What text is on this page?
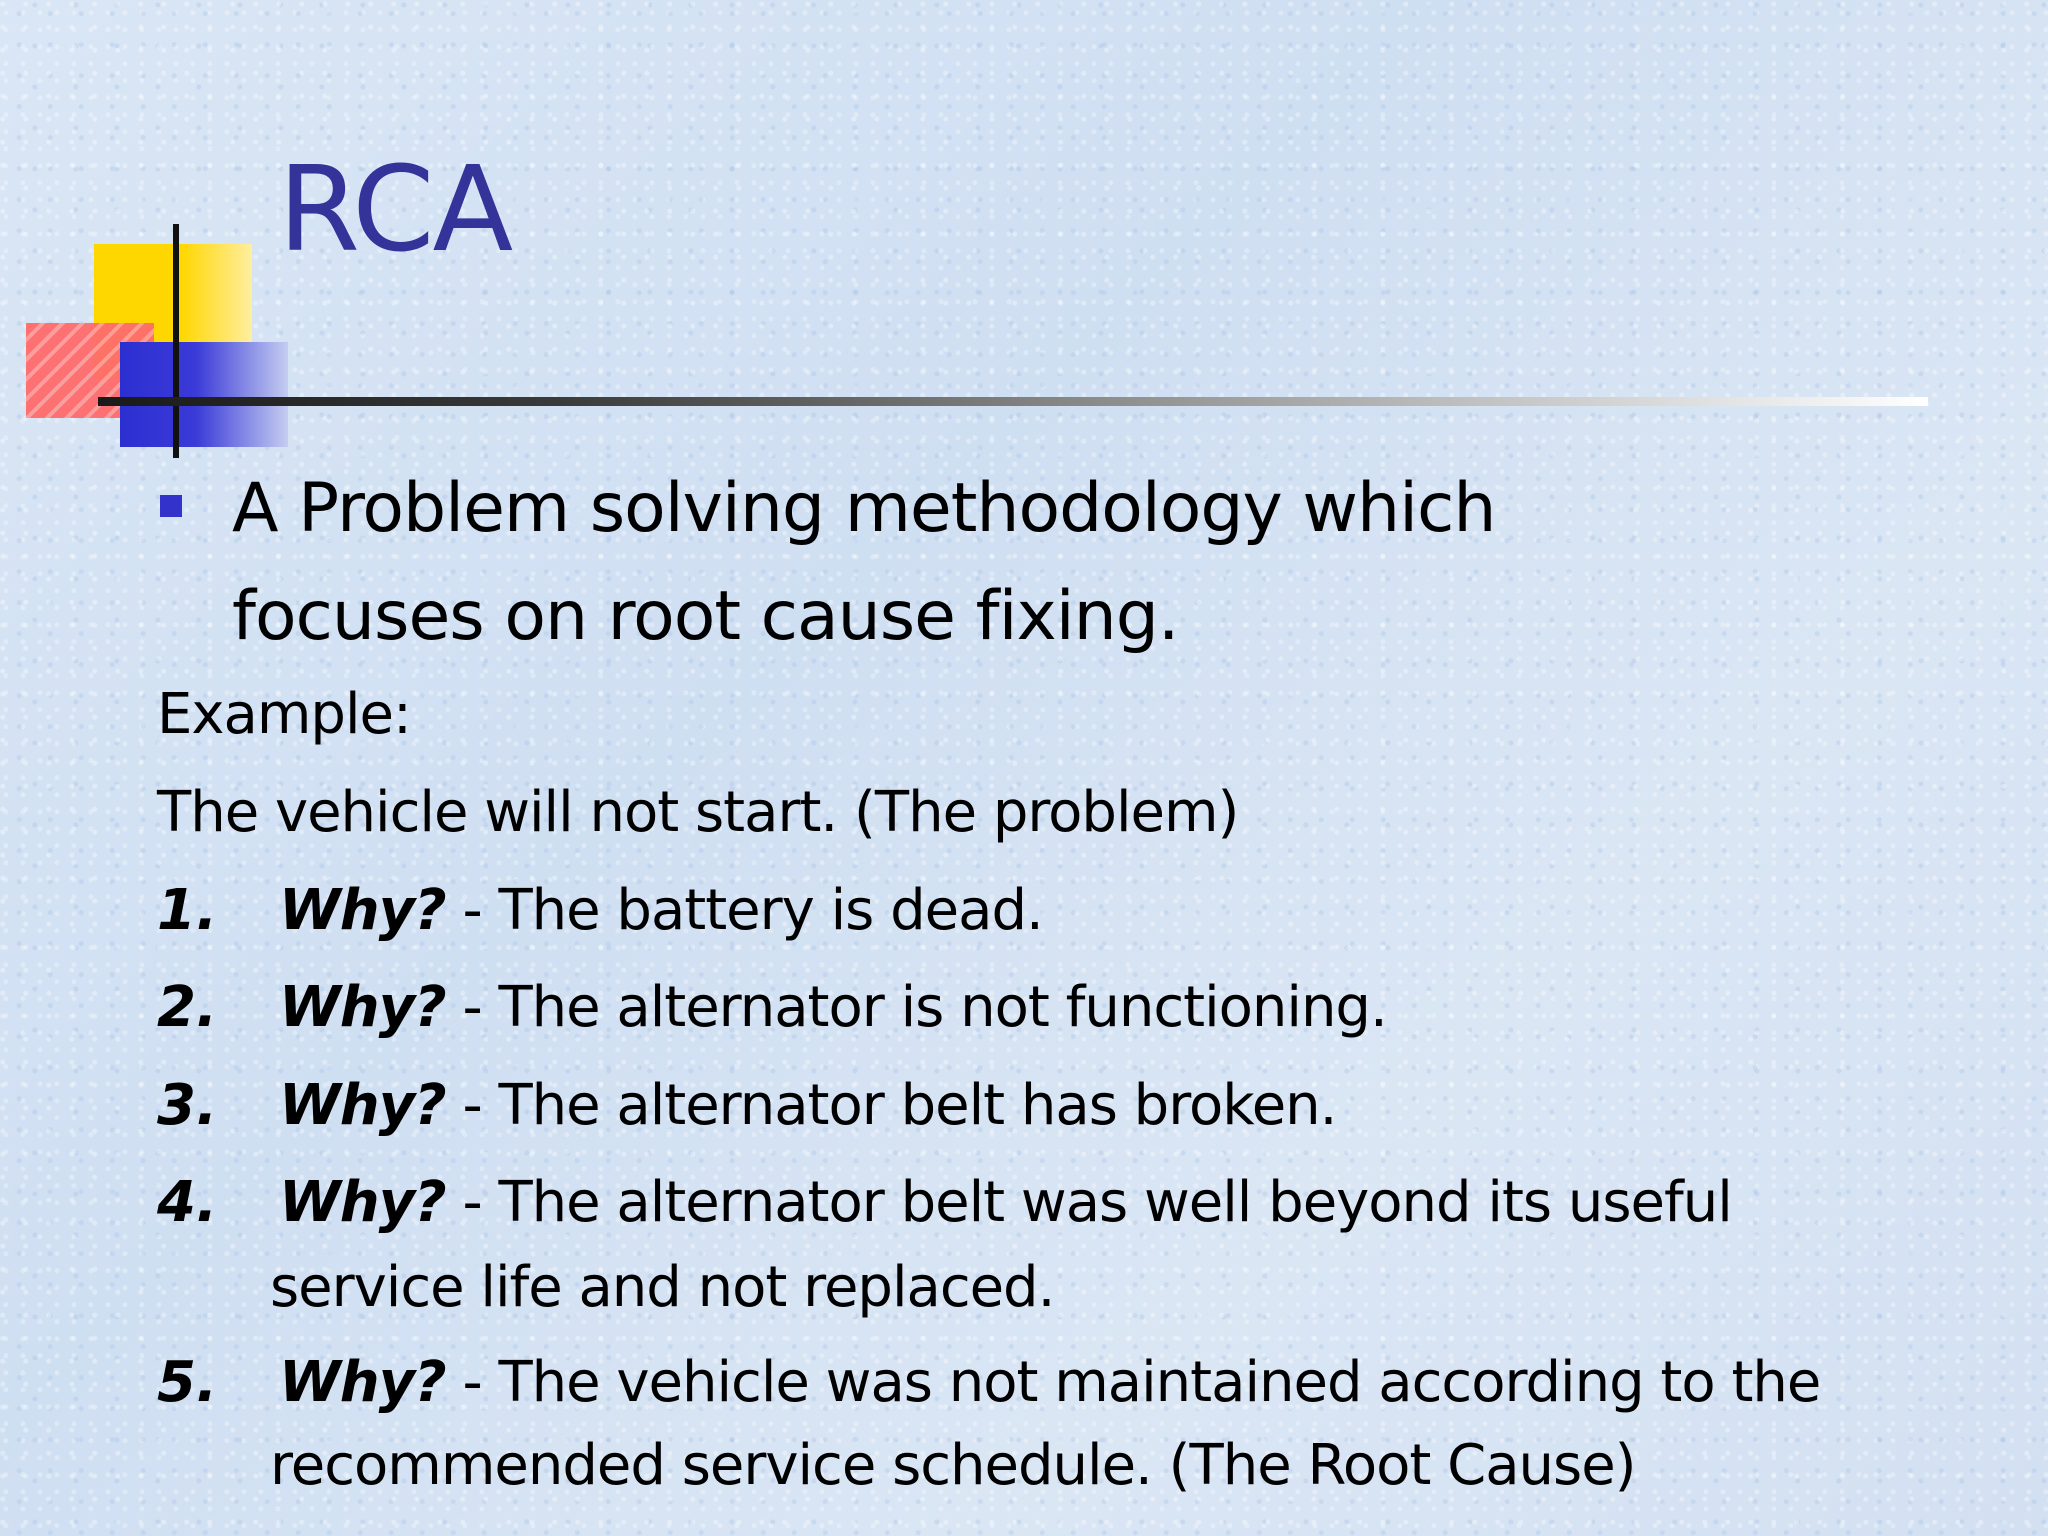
RCA
A Problem solving methodology which focuses on root cause fixing.
Example:
The vehicle will not start. (The problem)
1. Why? - The battery is dead.
2. Why? - The alternator is not functioning.
3. Why? - The alternator belt has broken.
4. Why? - The alternator belt was well beyond its useful
service life and not replaced.
5. Why? - The vehicle was not maintained according to the
recommended service schedule. (The Root Cause)
